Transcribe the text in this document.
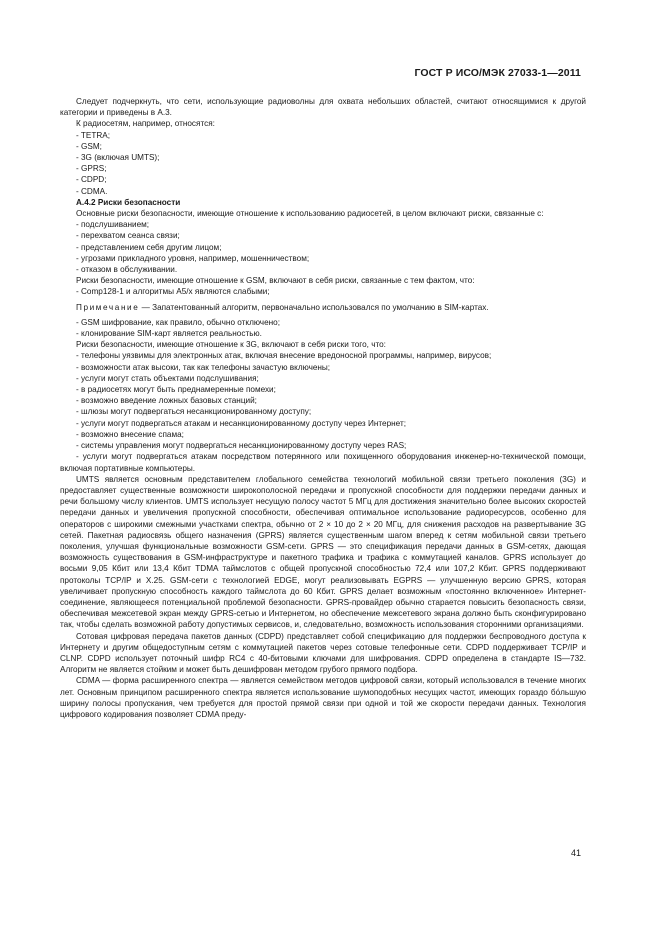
ГОСТ Р ИСО/МЭК 27033-1—2011

Следует подчеркнуть, что сети, использующие радиоволны для охвата небольших областей, считают относящимися к другой категории и приведены в А.3.

К радиосетям, например, относятся:

- TETRA;

- GSM;

- 3G (включая UMTS);

- GPRS;

- CDPD;

- CDMA.

A.4.2 Риски безопасности

Основные риски безопасности, имеющие отношение к использованию радиосетей, в целом включают риски, связанные с:

- подслушиванием;

- перехватом сеанса связи;

- представлением себя другим лицом;

- угрозами прикладного уровня, например, мошенничеством;

- отказом в обслуживании.

Риски безопасности, имеющие отношение к GSM, включают в себя риски, связанные с тем фактом, что:

- Comp128-1 и алгоритмы A5/x являются слабыми;

Примечание — Запатентованный алгоритм, первоначально использовался по умолчанию в SIM-картах.

- GSM шифрование, как правило, обычно отключено;

- клонирование SIM-карт является реальностью.

Риски безопасности, имеющие отношение к 3G, включают в себя риски того, что:

- телефоны уязвимы для электронных атак, включая внесение вредоносной программы, например, вирусов;

- возможности атак высоки, так как телефоны зачастую включены;

- услуги могут стать объектами подслушивания;

- в радиосетях могут быть преднамеренные помехи;

- возможно введение ложных базовых станций;

- шлюзы могут подвергаться несанкционированному доступу;

- услуги могут подвергаться атакам и несанкционированному доступу через Интернет;

- возможно внесение спама;

- системы управления могут подвергаться несанкционированному доступу через RAS;

- услуги могут подвергаться атакам посредством потерянного или похищенного оборудования инженер-но-технической помощи, включая портативные компьютеры.

UMTS является основным представителем глобального семейства технологий мобильной связи третьего поколения (3G) и предоставляет существенные возможности широкополосной передачи и пропускной способности для поддержки передачи данных и речи большому числу клиентов. UMTS использует несущую полосу частот 5 МГц для достижения значительно более высоких скоростей передачи данных и увеличения пропускной способности, обеспечивая оптимальное использование радиоресурсов, особенно для операторов с широкими смежными участками спектра, обычно от 2 × 10 до 2 × 20 МГц, для снижения расходов на развертывание 3G сетей. Пакетная радиосвязь общего назначения (GPRS) является существенным шагом вперед к сетям мобильной связи третьего поколения, улучшая функциональные возможности GSM-сети. GPRS — это спецификация передачи данных в GSM-сетях, дающая возможность существования в GSM-инфраструктуре и пакетного трафика и трафика с коммутацией каналов. GPRS использует до восьми 9,05 Кбит или 13,4 Кбит TDMA таймслотов с общей пропускной способностью 72,4 или 107,2 Кбит. GPRS поддерживают протоколы TCP/IP и X.25. GSM-сети с технологией EDGE, могут реализовывать EGPRS — улучшенную версию GPRS, которая увеличивает пропускную способность каждого таймслота до 60 Кбит. GPRS делает возможным «постоянно включенное» Интернет-соединение, являющееся потенциальной проблемой безопасности. GPRS-провайдер обычно старается повысить безопасность связи, обеспечивая межсетевой экран между GPRS-сетью и Интернетом, но обеспечение межсетевого экрана должно быть сконфигурировано так, чтобы сделать возможной работу допустимых сервисов, и, следовательно, возможность использования сторонними организациями.

Сотовая цифровая передача пакетов данных (CDPD) представляет собой спецификацию для поддержки беспроводного доступа к Интернету и другим общедоступным сетям с коммутацией пакетов через сотовые телефонные сети. CDPD поддерживает TCP/IP и CLNP. CDPD использует поточный шифр RC4 с 40-битовыми ключами для шифрования. CDPD определена в стандарте IS—732. Алгоритм не является стойким и может быть дешифрован методом грубого прямого подбора.

CDMA — форма расширенного спектра — является семейством методов цифровой связи, который использовался в течение многих лет. Основным принципом расширенного спектра является использование шумоподобных несущих частот, имеющих гораздо бо́льшую ширину полосы пропускания, чем требуется для простой прямой связи при одной и той же скорости передачи данных. Технология цифрового кодирования позволяет CDMA преду-

41
